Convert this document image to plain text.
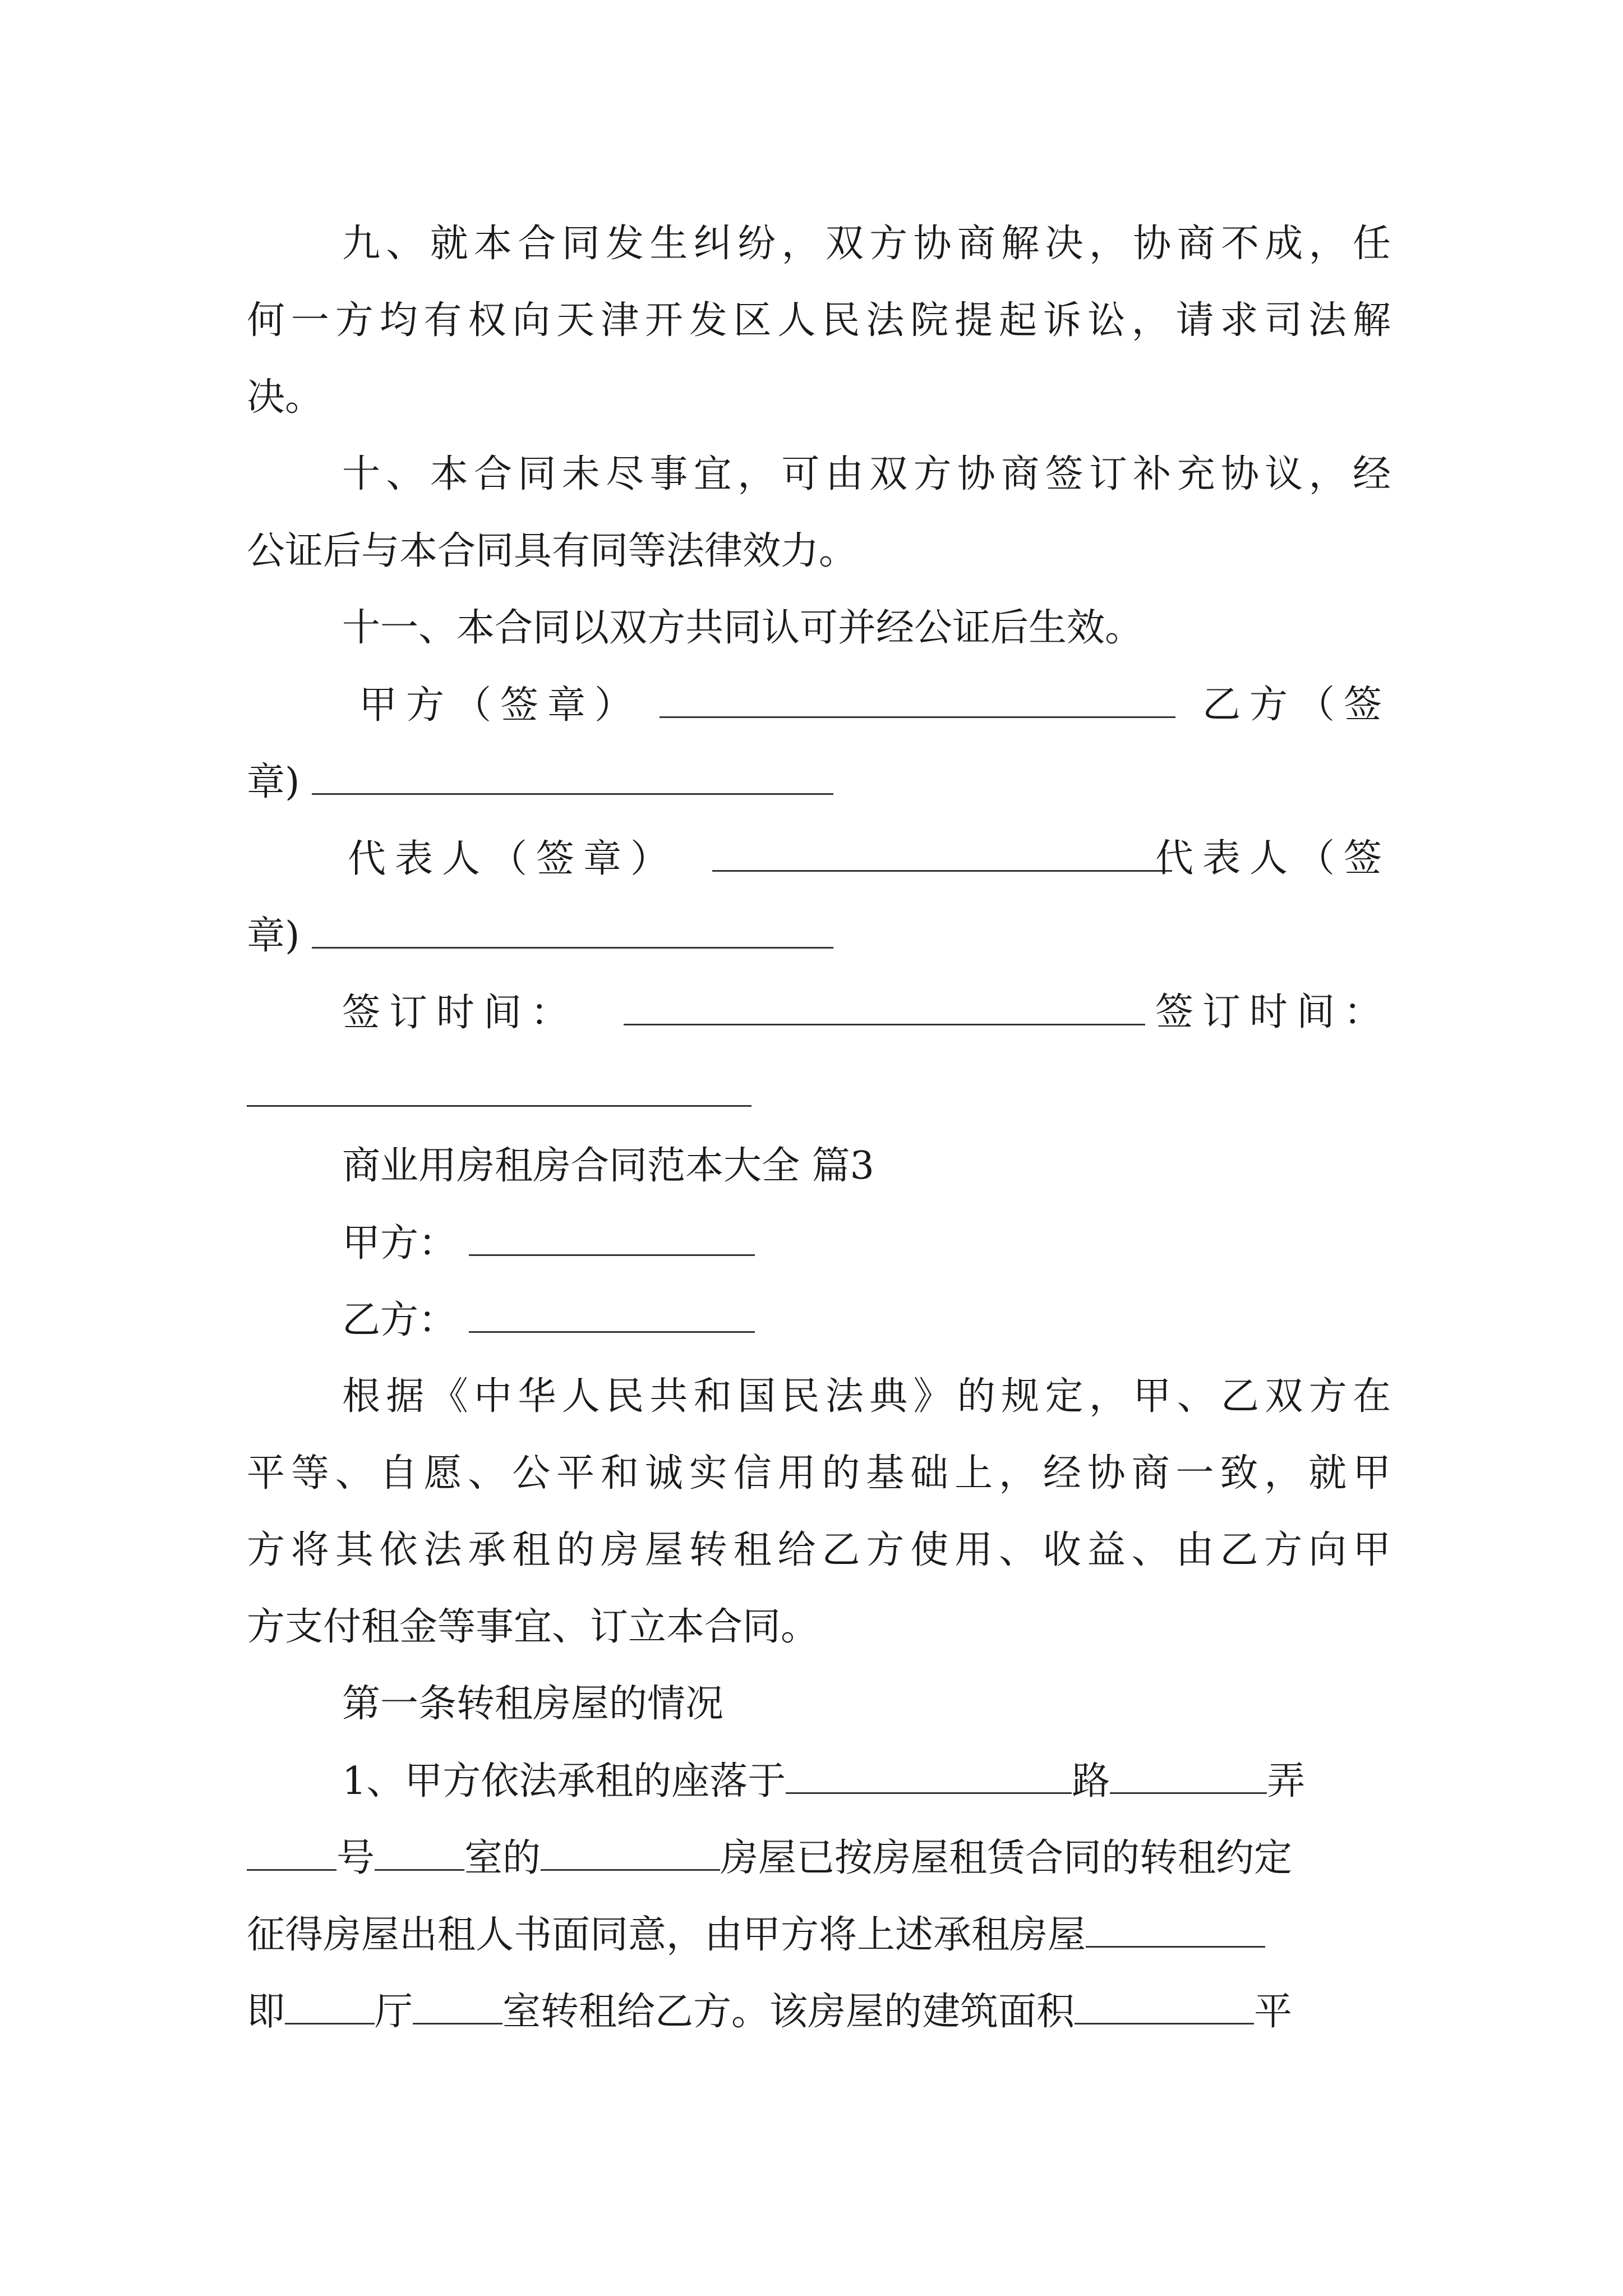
九、就本合同发生纠纷，双方协商解决，协商不成，任
何一方均有权向天津开发区人民法院提起诉讼，请求司法解
决。
十、本合同未尽事宜，可由双方协商签订补充协议，经
公证后与本合同具有同等法律效力。
十一、本合同以双方共同认可并经公证后生效。
甲方（签章）	乙方（签
章)
代表人（签章）	代表人（签
章)
签订时间：	签订时间：
商业用房租房合同范本大全 篇3
甲方：
乙方：
根据《中华人民共和国民法典》的规定，甲、乙双方在
平等、自愿、公平和诚实信用的基础上，经协商一致，就甲
方将其依法承租的房屋转租给乙方使用、收益、由乙方向甲
方支付租金等事宜、订立本合同。
第一条转租房屋的情况
1、甲方依法承租的座落于	路	弄
号 室的	房屋已按房屋租赁合同的转租约定
征得房屋出租人书面同意，由甲方将上述承租房屋
即 厅 室转租给乙方。该房屋的建筑面积	平
